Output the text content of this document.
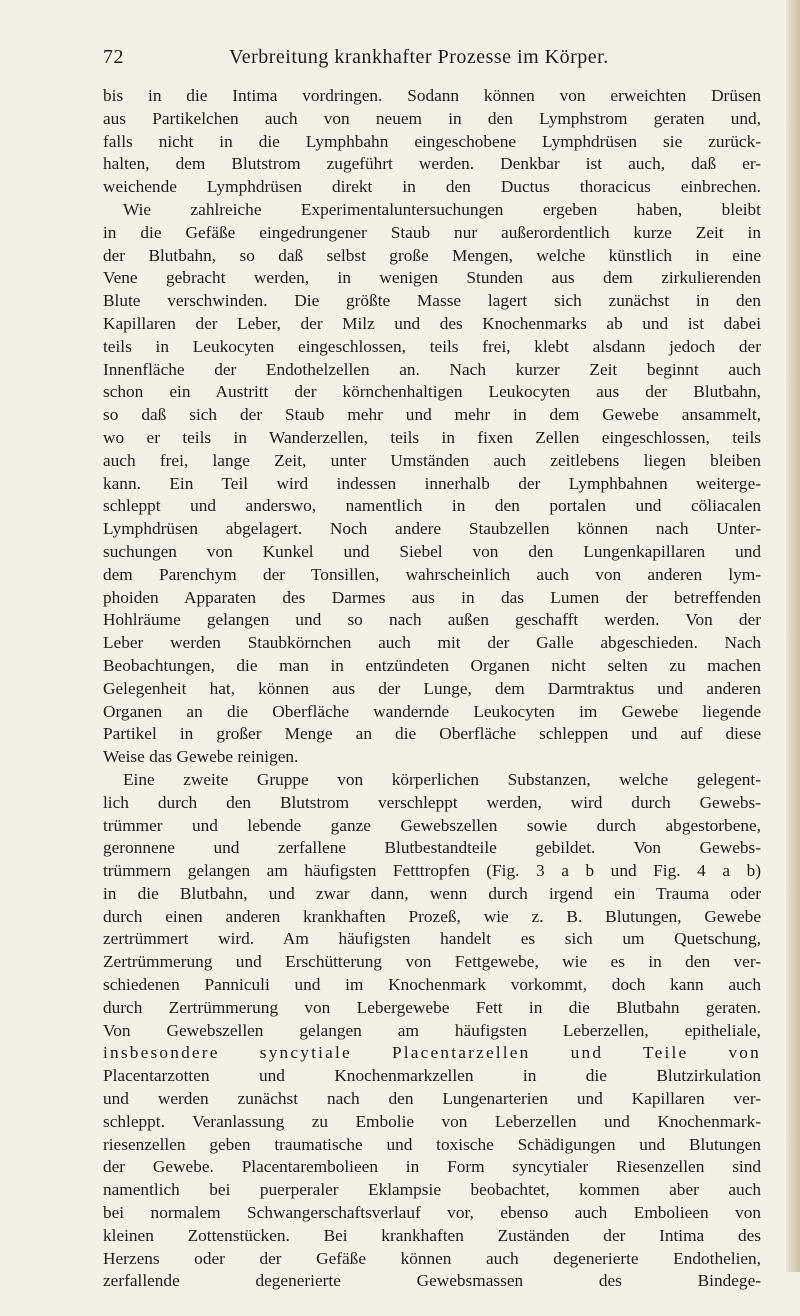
72	Verbreitung krankhafter Prozesse im Körper.
bis in die Intima vordringen. Sodann können von erweichten Drüsen
aus Partikelchen auch von neuem in den Lymphstrom geraten und,
falls nicht in die Lymphbahn eingeschobene Lymphdrüsen sie zurück-
halten, dem Blutstrom zugeführt werden. Denkbar ist auch, daß er-
weichende Lymphdrüsen direkt in den Ductus thoracicus einbrechen.
Wie zahlreiche Experimentaluntersuchungen ergeben haben, bleibt
in die Gefäße eingedrungener Staub nur außerordentlich kurze Zeit in
der Blutbahn, so daß selbst große Mengen, welche künstlich in eine
Vene gebracht werden, in wenigen Stunden aus dem zirkulierenden
Blute verschwinden. Die größte Masse lagert sich zunächst in den
Kapillaren der Leber, der Milz und des Knochenmarks ab und ist dabei
teils in Leukocyten eingeschlossen, teils frei, klebt alsdann jedoch der
Innenfläche der Endothelzellen an. Nach kurzer Zeit beginnt auch
schon ein Austritt der körnchenhaltigen Leukocyten aus der Blutbahn,
so daß sich der Staub mehr und mehr in dem Gewebe ansammelt,
wo er teils in Wanderzellen, teils in fixen Zellen eingeschlossen, teils
auch frei, lange Zeit, unter Umständen auch zeitlebens liegen bleiben
kann. Ein Teil wird indessen innerhalb der Lymphbahnen weiterge-
schleppt und anderswo, namentlich in den portalen und cöliacalen
Lymphdrüsen abgelagert. Noch andere Staubzellen können nach Unter-
suchungen von Kunkel und Siebel von den Lungenkapillaren und
dem Parenchym der Tonsillen, wahrscheinlich auch von anderen lym-
phoiden Apparaten des Darmes aus in das Lumen der betreffenden
Hohlräume gelangen und so nach außen geschafft werden. Von der
Leber werden Staubkörnchen auch mit der Galle abgeschieden. Nach
Beobachtungen, die man in entzündeten Organen nicht selten zu machen
Gelegenheit hat, können aus der Lunge, dem Darmtraktus und anderen
Organen an die Oberfläche wandernde Leukocyten im Gewebe liegende
Partikel in großer Menge an die Oberfläche schleppen und auf diese
Weise das Gewebe reinigen.
Eine zweite Gruppe von körperlichen Substanzen, welche gelegent-
lich durch den Blutstrom verschleppt werden, wird durch Gewebs-
trümmer und lebende ganze Gewebszellen sowie durch abgestorbene,
geronnene und zerfallene Blutbestandteile gebildet. Von Gewebs-
trümmern gelangen am häufigsten Fetttropfen (Fig. 3 a b und Fig. 4 a b)
in die Blutbahn, und zwar dann, wenn durch irgend ein Trauma oder
durch einen anderen krankhaften Prozeß, wie z. B. Blutungen, Gewebe
zertrümmert wird. Am häufigsten handelt es sich um Quetschung,
Zertrümmerung und Erschütterung von Fettgewebe, wie es in den ver-
schiedenen Panniculi und im Knochenmark vorkommt, doch kann auch
durch Zertrümmerung von Lebergewebe Fett in die Blutbahn geraten.
Von Gewebszellen gelangen am häufigsten Leberzellen, epitheliale,
insbesondere syncytiale Placentarzellen und Teile von
Placentarzotten und Knochenmarkzellen in die Blutzirkulation
und werden zunächst nach den Lungenarterien und Kapillaren ver-
schleppt. Veranlassung zu Embolie von Leberzellen und Knochenmark-
riesenzellen geben traumatische und toxische Schädigungen und Blutungen
der Gewebe. Placentarembolieen in Form syncytialer Riesenzellen sind
namentlich bei puerperaler Eklampsie beobachtet, kommen aber auch
bei normalem Schwangerschaftsverlauf vor, ebenso auch Embolieen von
kleinen Zottenstücken. Bei krankhaften Zuständen der Intima des
Herzens oder der Gefäße können auch degenerierte Endothelien,
zerfallende degenerierte Gewebsmassen des Bindege-
